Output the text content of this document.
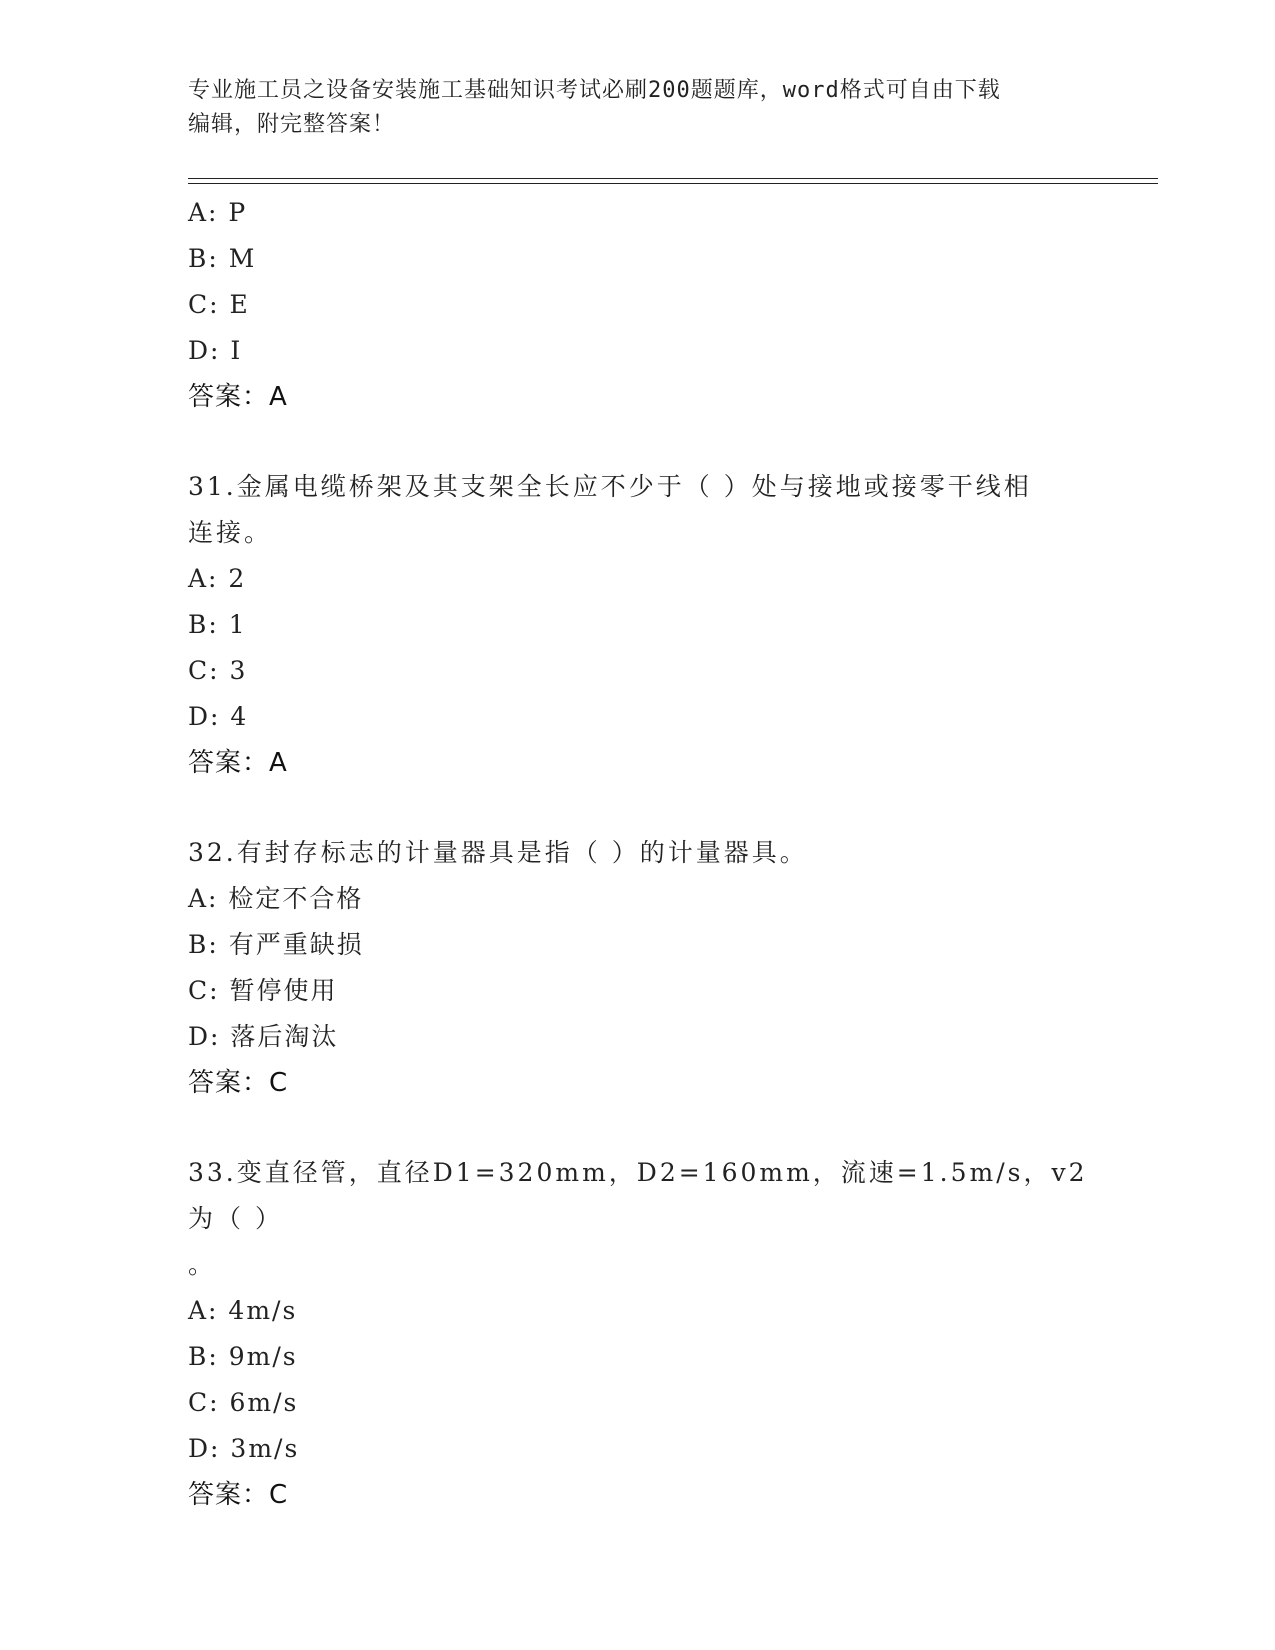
专业施工员之设备安装施工基础知识考试必刷200题题库，word格式可自由下载
编辑，附完整答案！
A: P
B: M
C: E
D: I
答案：A
31.金属电缆桥架及其支架全长应不少于（ ）处与接地或接零干线相
连接。
A: 2
B: 1
C: 3
D: 4
答案：A
32.有封存标志的计量器具是指（ ）的计量器具。
A: 检定不合格
B: 有严重缺损
C: 暂停使用
D: 落后淘汰
答案：C
33.变直径管，直径D1=320mm，D2=160mm，流速=1.5m/s，v2为（ ）
。
A: 4m/s
B: 9m/s
C: 6m/s
D: 3m/s
答案：C
